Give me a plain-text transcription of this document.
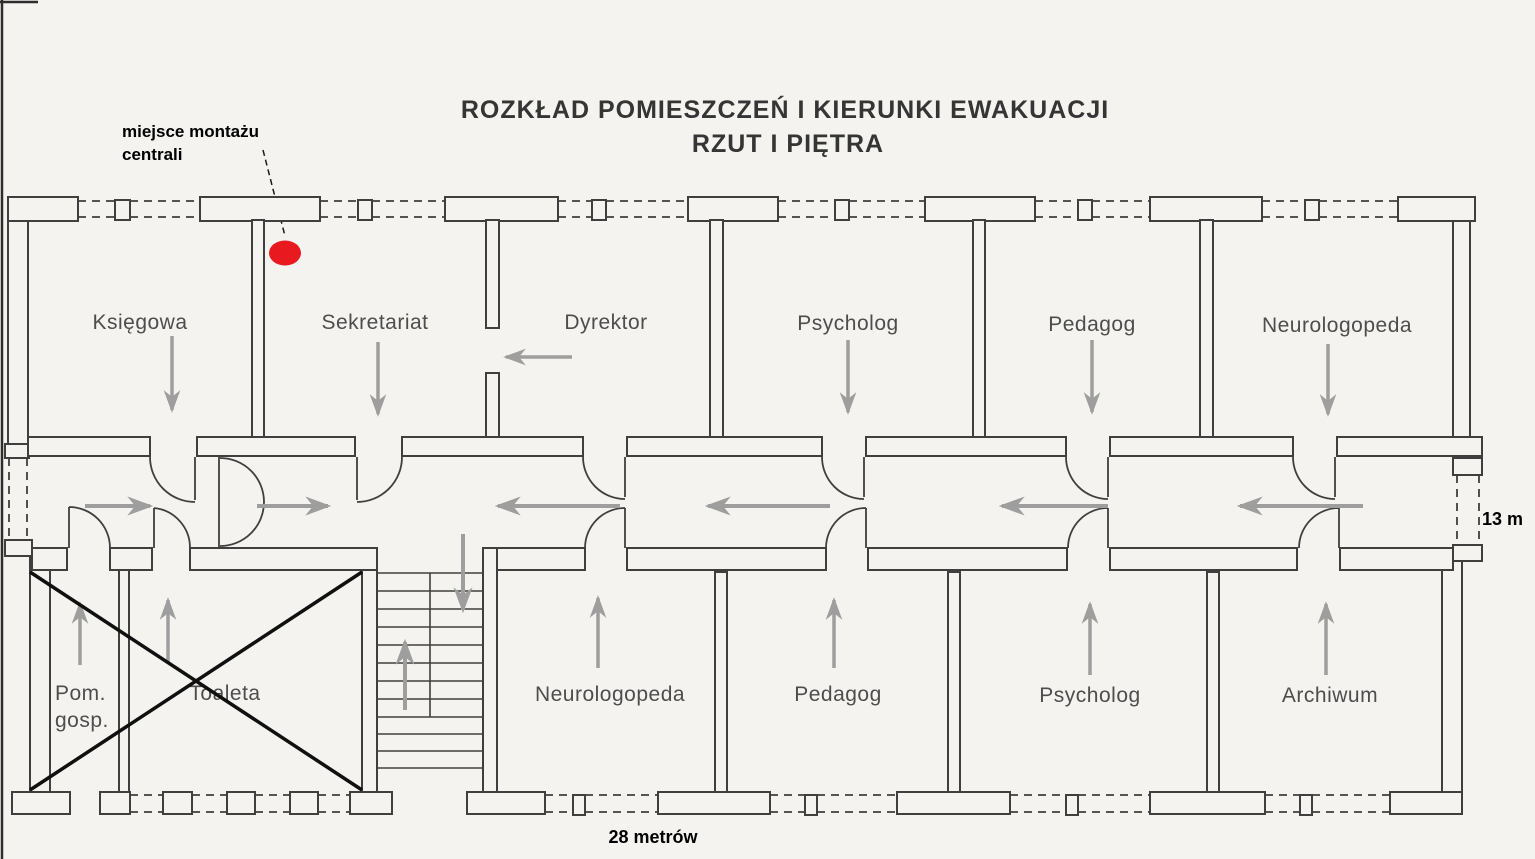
ROZKŁAD POMIESZCZEŃ I KIERUNKI EWAKUACJI
RZUT I PIĘTRA
miejsce montażu
centrali
Księgowa	Sekretariat	Dyrektor	Psycholog	Pedagog	Neurologopeda
Pom.
gosp.
Toaleta	Neurologopeda	Pedagog	Psycholog	Archiwum
13 m
28 metrów
